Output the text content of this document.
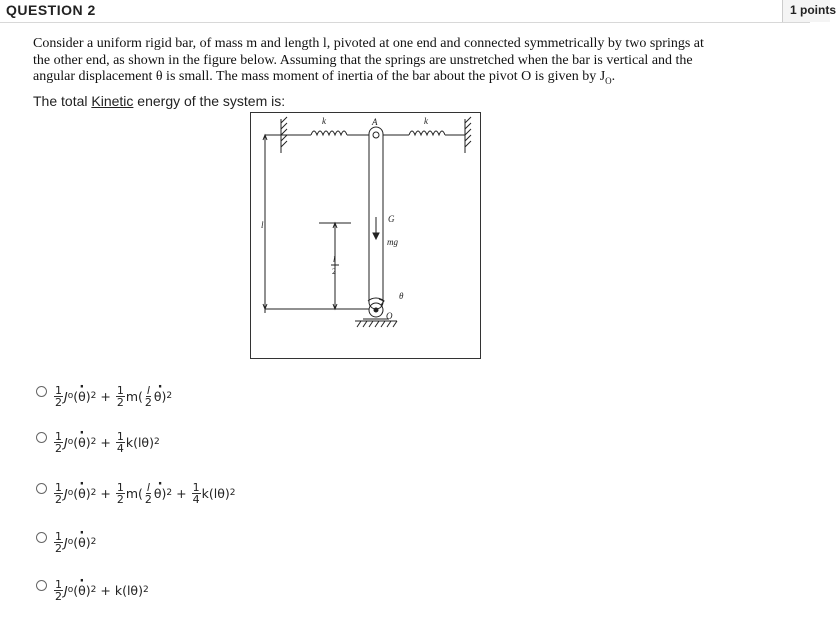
QUESTION 2	1 points
Consider a uniform rigid bar, of mass m and length l, pivoted at one end and connected symmetrically by two springs at
the other end, as shown in the figure below. Assuming that the springs are unstretched when the bar is vertical and the
angular displacement θ is small. The mass moment of inertia of the bar about the pivot O is given by $J_O$.
The total Kinetic energy of the system is:
k	k
A
G
mg
l
l
2
θ
O
$\frac{1}{2}$ J o
· (θ) $2 + \frac{1}{2} m( \frac{l}{2}$
· θ) 2
$\frac{1}{2}$ J o
· (θ) $2 + \frac{1}{4} k(l\theta)$ 2
$\frac{1}{2}$ J o
· (θ) $2 + \frac{1}{2} m( \frac{l}{2}$
· θ) $2 + \frac{1}{4} k(l\theta)$ 2
$\frac{1}{2}$ J o
· (θ) 2
$\frac{1}{2}$ J o
· (θ) 2 + k(lθ) 2
